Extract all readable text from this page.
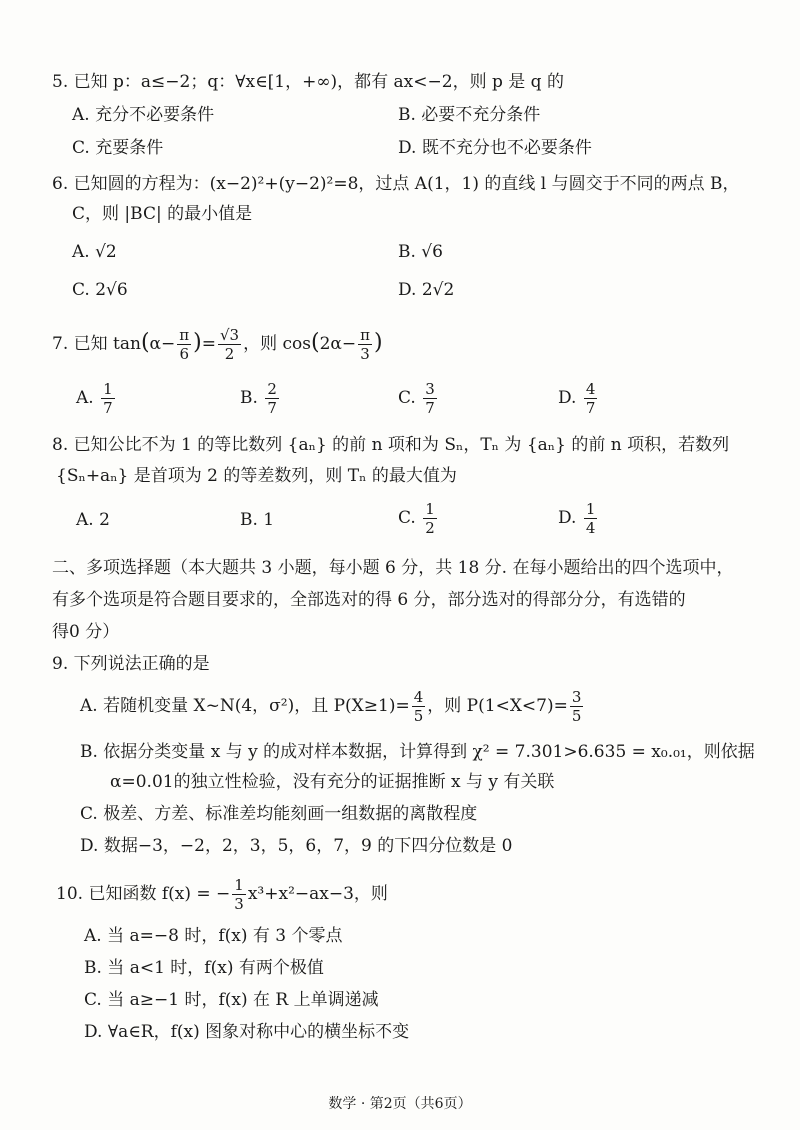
5. 已知 p：a≤−2；q：∀x∈[1，+∞)，都有 ax<−2，则 p 是 q 的
A. 充分不必要条件	B. 必要不充分条件
C. 充要条件	D. 既不充分也不必要条件
6. 已知圆的方程为：(x−2)²+(y−2)²=8，过点 A(1，1) 的直线 l 与圆交于不同的两点 B，
C，则 |BC| 的最小值是
A. √2	B. √6
C. 2√6	D. 2√2
7. 已知 $\tan(\alpha- \frac{\pi}{6}$ )= $\frac{√3}{2}$ ，则 $\cos(2\alpha- \frac{\pi}{3}$ )
A. $\frac{1}{7}$	B. $\frac{2}{7}$	C. $\frac{3}{7}$	D. $\frac{4}{7}$
8. 已知公比不为 1 的等比数列 {aₙ} 的前 n 项和为 Sₙ，Tₙ 为 {aₙ} 的前 n 项积，若数列
{Sₙ+aₙ} 是首项为 2 的等差数列，则 Tₙ 的最大值为
A. 2	B. 1	C. $\frac{1}{2}$	D. $\frac{1}{4}$
二、多项选择题（本大题共 3 小题，每小题 6 分，共 18 分. 在每小题给出的四个选项中，
有多个选项是符合题目要求的，全部选对的得 6 分，部分选对的得部分分，有选错的
得0 分）
9. 下列说法正确的是
A. 若随机变量 X~N(4，σ²)，且 $P(X\ge 1)= \frac{4}{5}$ ，则 $P(1<X<7)= \frac{3}{5}$
B. 依据分类变量 x 与 y 的成对样本数据，计算得到 χ² = 7.301>6.635 = x₀.₀₁，则依据
α=0.01的独立性检验，没有充分的证据推断 x 与 y 有关联
C. 极差、方差、标准差均能刻画一组数据的离散程度
D. 数据−3，−2，2，3，5，6，7，9 的下四分位数是 0
10. 已知函数 f(x) = − $\frac{1}{3} x^3+x^2-ax-3$，则
A. 当 a=−8 时，f(x) 有 3 个零点
B. 当 a<1 时，f(x) 有两个极值
C. 当 a≥−1 时，f(x) 在 R 上单调递减
D. ∀a∈R，f(x) 图象对称中心的横坐标不变
数学 · 第2页（共6页）
